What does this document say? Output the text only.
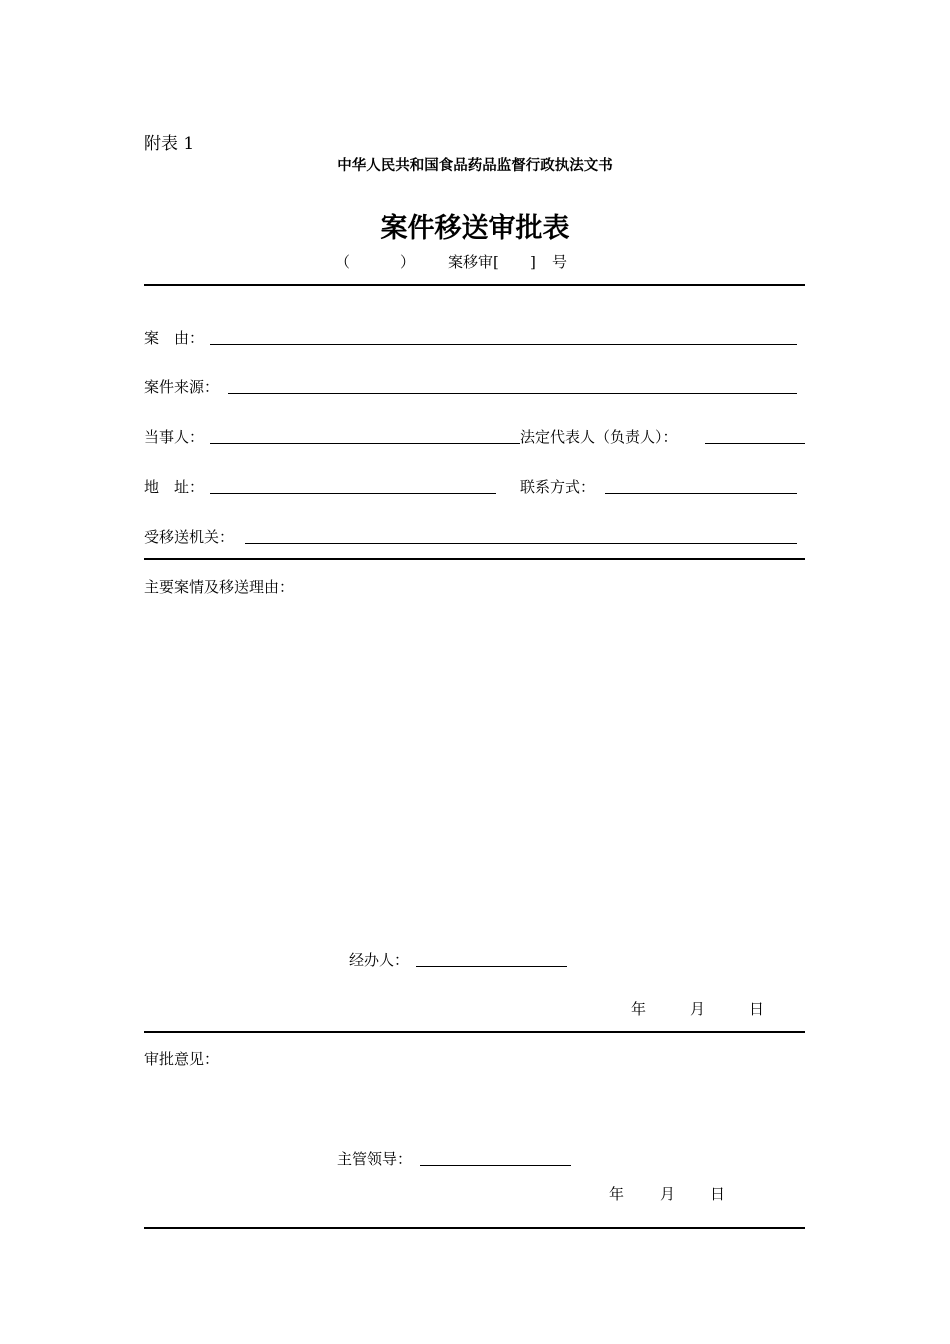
附表 1
中华人民共和国食品药品监督行政执法文书
案件移送审批表
（	） 案移审[ ] 号
案　由：
案件来源：
当事人：	法定代表人（负责人）：
地　址：	联系方式：
受移送机关：
主要案情及移送理由：
经办人：
年	月	日
审批意见：
主管领导：
年 月 日
